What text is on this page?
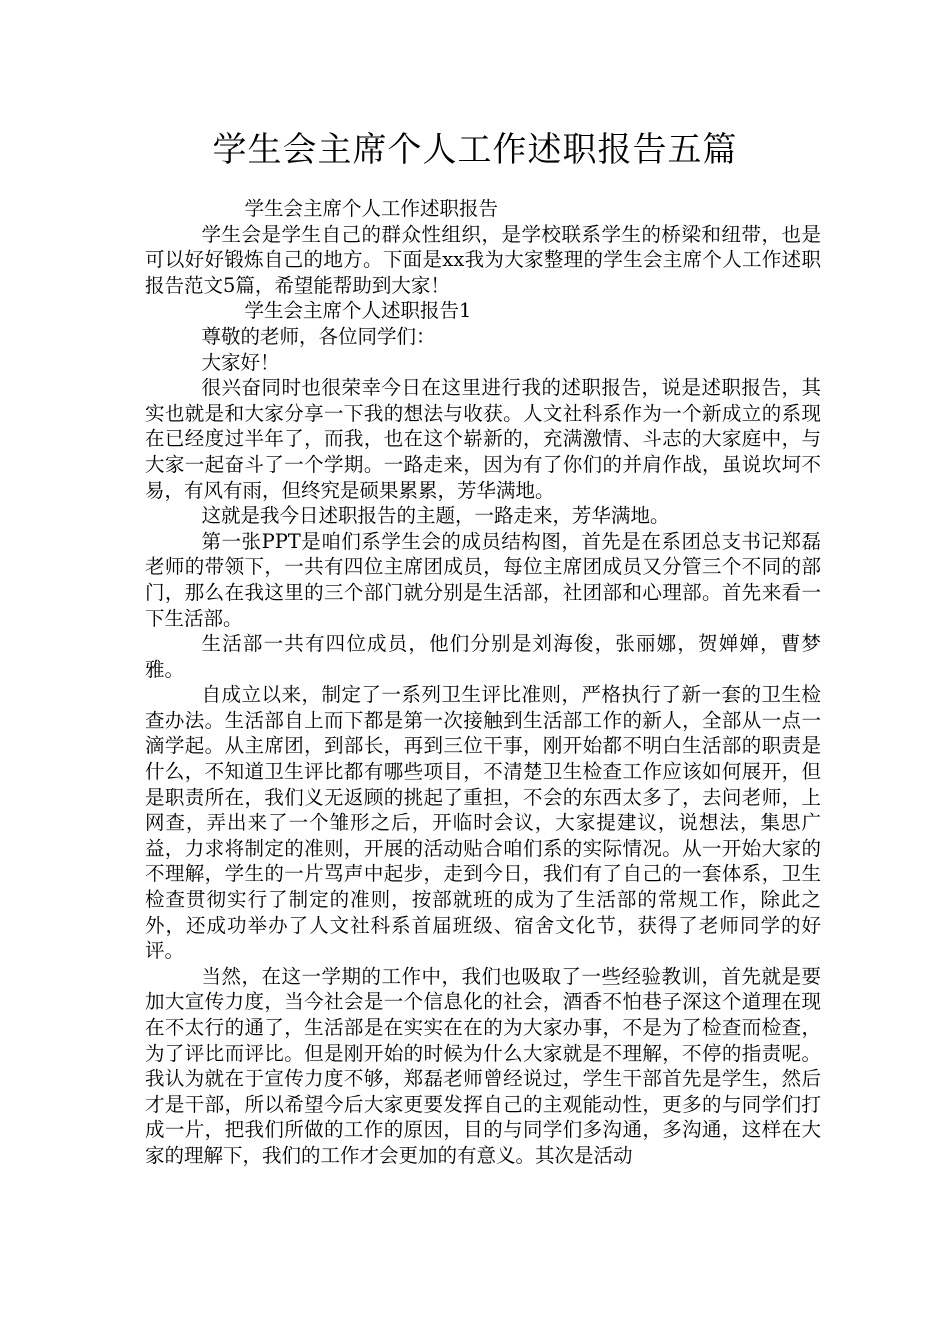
学生会主席个人工作述职报告五篇

学生会主席个人工作述职报告

学生会是学生自己的群众性组织，是学校联系学生的桥梁和纽带，也是可以好好锻炼自己的地方。下面是xx我为大家整理的学生会主席个人工作述职报告范文5篇，希望能帮助到大家！

学生会主席个人述职报告1

尊敬的老师，各位同学们：

大家好！

很兴奋同时也很荣幸今日在这里进行我的述职报告，说是述职报告，其实也就是和大家分享一下我的想法与收获。人文社科系作为一个新成立的系现在已经度过半年了，而我，也在这个崭新的，充满激情、斗志的大家庭中，与大家一起奋斗了一个学期。一路走来，因为有了你们的并肩作战，虽说坎坷不易，有风有雨，但终究是硕果累累，芳华满地。

这就是我今日述职报告的主题，一路走来，芳华满地。

第一张PPT是咱们系学生会的成员结构图，首先是在系团总支书记郑磊老师的带领下，一共有四位主席团成员，每位主席团成员又分管三个不同的部门，那么在我这里的三个部门就分别是生活部，社团部和心理部。首先来看一下生活部。

生活部一共有四位成员，他们分别是刘海俊，张丽娜，贺婵婵，曹梦雅。

自成立以来，制定了一系列卫生评比准则，严格执行了新一套的卫生检查办法。生活部自上而下都是第一次接触到生活部工作的新人，全部从一点一滴学起。从主席团，到部长，再到三位干事，刚开始都不明白生活部的职责是什么，不知道卫生评比都有哪些项目，不清楚卫生检查工作应该如何展开，但是职责所在，我们义无返顾的挑起了重担，不会的东西太多了，去问老师，上网查，弄出来了一个雏形之后，开临时会议，大家提建议，说想法，集思广益，力求将制定的准则，开展的活动贴合咱们系的实际情况。从一开始大家的不理解，学生的一片骂声中起步，走到今日，我们有了自己的一套体系，卫生检查贯彻实行了制定的准则，按部就班的成为了生活部的常规工作，除此之外，还成功举办了人文社科系首届班级、宿舍文化节，获得了老师同学的好评。

当然，在这一学期的工作中，我们也吸取了一些经验教训，首先就是要加大宣传力度，当今社会是一个信息化的社会，酒香不怕巷子深这个道理在现在不太行的通了，生活部是在实实在在的为大家办事，不是为了检查而检查，为了评比而评比。但是刚开始的时候为什么大家就是不理解，不停的指责呢。我认为就在于宣传力度不够，郑磊老师曾经说过，学生干部首先是学生，然后才是干部，所以希望今后大家更要发挥自己的主观能动性，更多的与同学们打成一片，把我们所做的工作的原因，目的与同学们多沟通，多沟通，这样在大家的理解下，我们的工作才会更加的有意义。其次是活动
